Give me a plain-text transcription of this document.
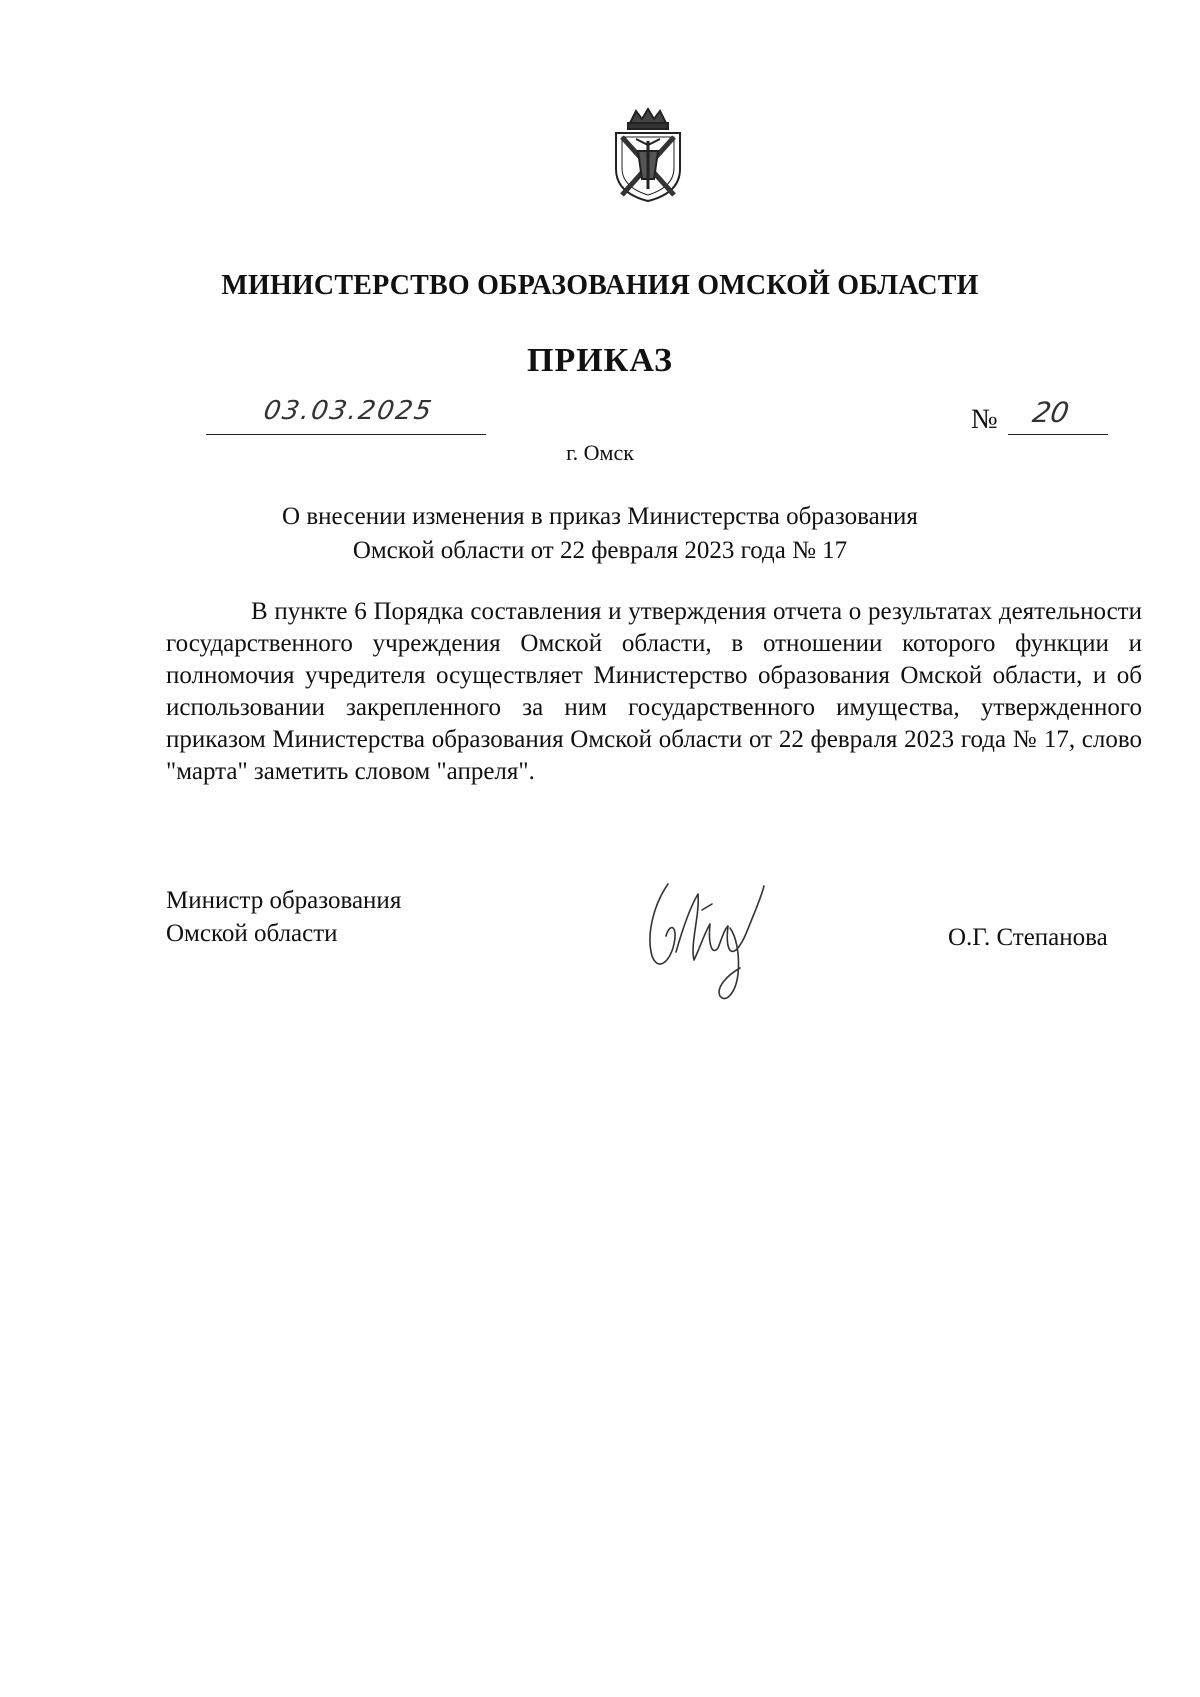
МИНИСТЕРСТВО ОБРАЗОВАНИЯ ОМСКОЙ ОБЛАСТИ
ПРИКАЗ
03.03.2025	№ 20
г. Омск
О внесении изменения в приказ Министерства образования
Омской области от 22 февраля 2023 года № 17

В пункте 6 Порядка составления и утверждения отчета о результатах деятельности государственного учреждения Омской области, в отношении которого функции и полномочия учредителя осуществляет Министерство образования Омской области, и об использовании закрепленного за ним государственного имущества, утвержденного приказом Министерства образования Омской области от 22 февраля 2023 года № 17, слово "марта" заметить словом "апреля".

Министр образования
Омской области	О.Г. Степанова
